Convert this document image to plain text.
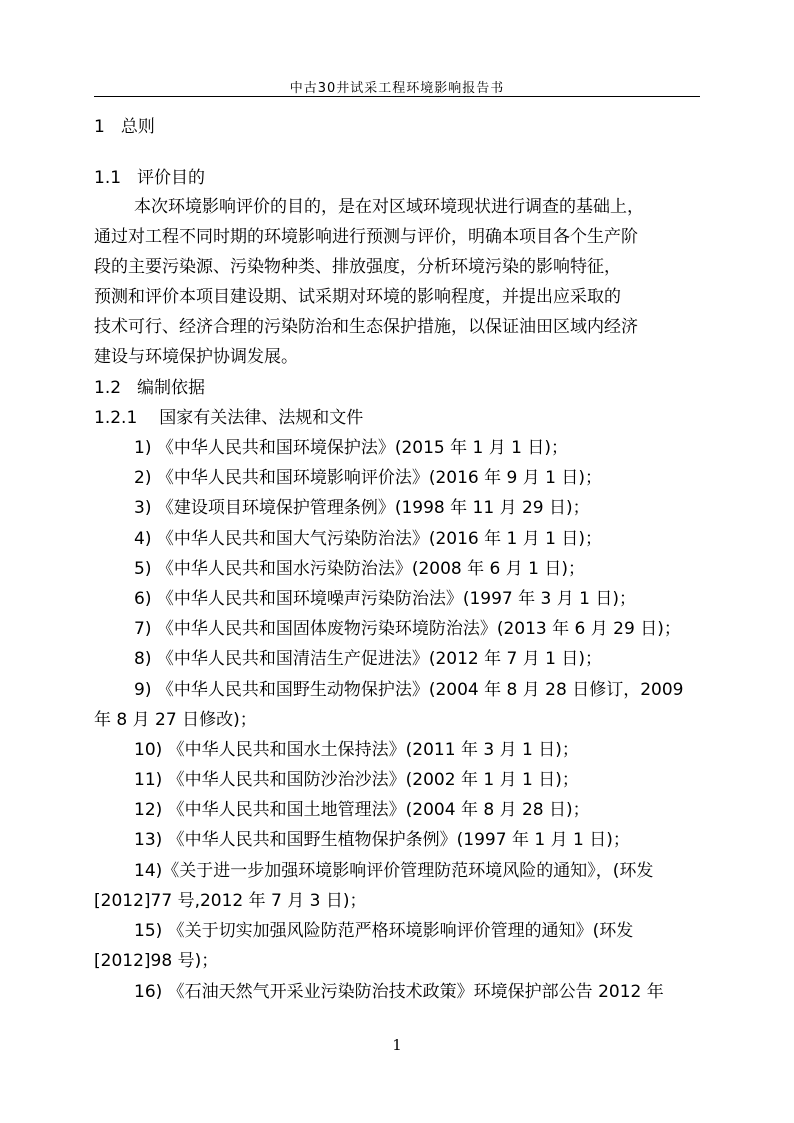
中古30井试采工程环境影响报告书
1 总则
1.1 评价目的
本次环境影响评价的目的，是在对区域环境现状进行调查的基础上，
通过对工程不同时期的环境影响进行预测与评价，明确本项目各个生产阶
段的主要污染源、污染物种类、排放强度，分析环境污染的影响特征，
预测和评价本项目建设期、试采期对环境的影响程度，并提出应采取的
技术可行、经济合理的污染防治和生态保护措施，以保证油田区域内经济
建设与环境保护协调发展。
1.2 编制依据
1.2.1 国家有关法律、法规和文件
1) 《中华人民共和国环境保护法》(2015 年 1 月 1 日)；
2) 《中华人民共和国环境影响评价法》(2016 年 9 月 1 日)；
3) 《建设项目环境保护管理条例》(1998 年 11 月 29 日)；
4) 《中华人民共和国大气污染防治法》(2016 年 1 月 1 日)；
5) 《中华人民共和国水污染防治法》(2008 年 6 月 1 日)；
6) 《中华人民共和国环境噪声污染防治法》(1997 年 3 月 1 日)；
7) 《中华人民共和国固体废物污染环境防治法》(2013 年 6 月 29 日)；
8) 《中华人民共和国清洁生产促进法》(2012 年 7 月 1 日)；
9) 《中华人民共和国野生动物保护法》(2004 年 8 月 28 日修订，2009
年 8 月 27 日修改)；
10) 《中华人民共和国水土保持法》(2011 年 3 月 1 日)；
11) 《中华人民共和国防沙治沙法》(2002 年 1 月 1 日)；
12) 《中华人民共和国土地管理法》(2004 年 8 月 28 日)；
13) 《中华人民共和国野生植物保护条例》(1997 年 1 月 1 日)；
14)《关于进一步加强环境影响评价管理防范环境风险的通知》，(环发
[2012]77 号,2012 年 7 月 3 日)；
15) 《关于切实加强风险防范严格环境影响评价管理的通知》(环发
[2012]98 号)；
16) 《石油天然气开采业污染防治技术政策》环境保护部公告 2012 年
1
